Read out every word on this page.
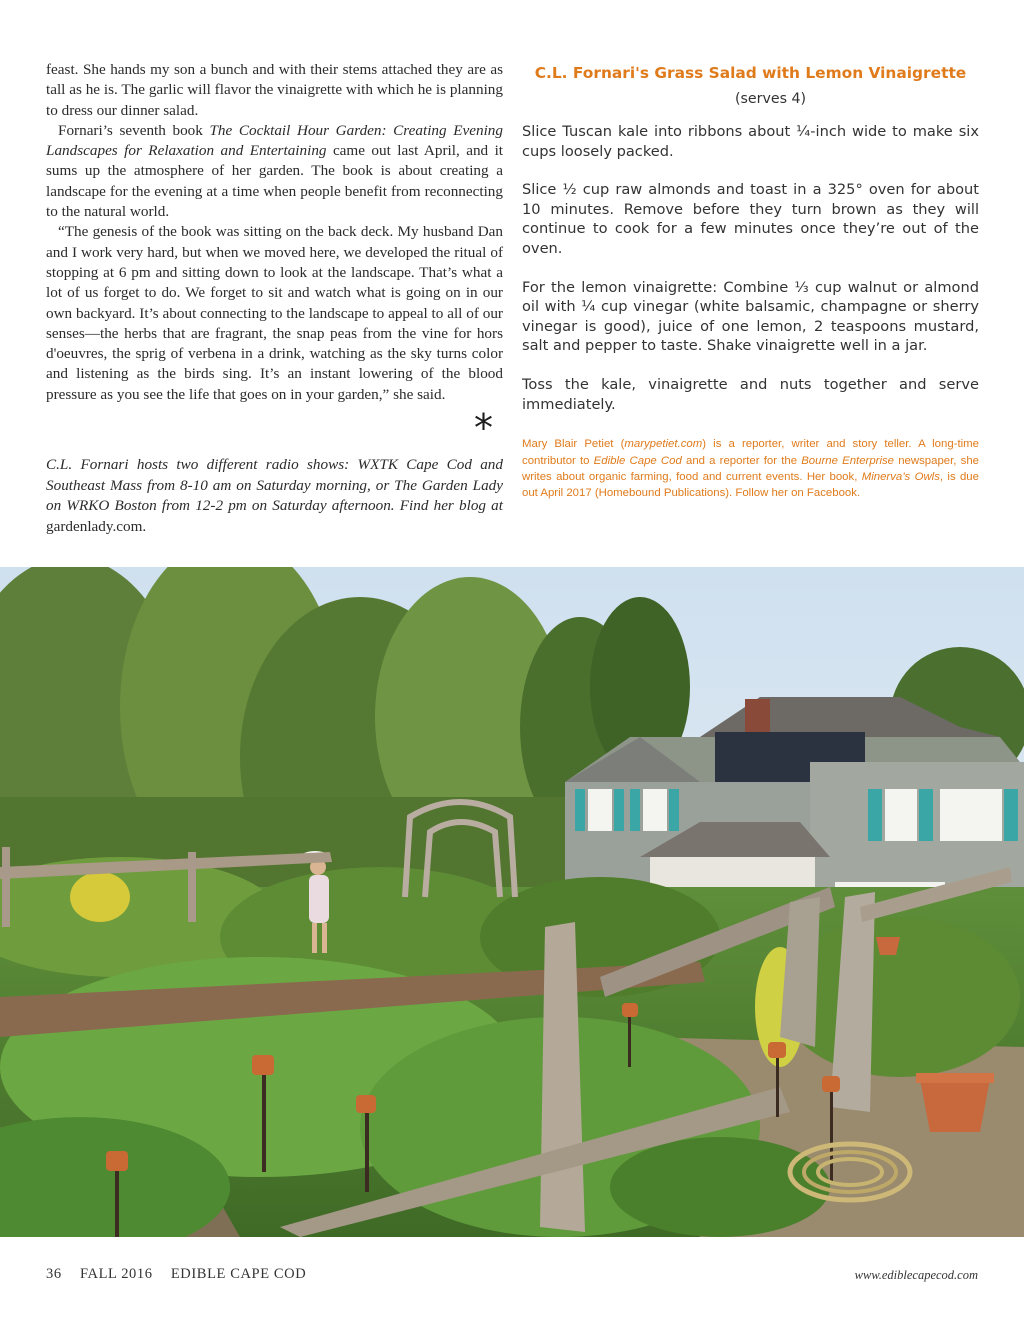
feast. She hands my son a bunch and with their stems attached they are as tall as he is. The garlic will flavor the vinaigrette with which he is planning to dress our dinner salad.

Fornari’s seventh book The Cocktail Hour Garden: Creating Evening Landscapes for Relaxation and Entertaining came out last April, and it sums up the atmosphere of her garden. The book is about creating a landscape for the evening at a time when people benefit from reconnecting to the natural world.

“The genesis of the book was sitting on the back deck. My husband Dan and I work very hard, but when we moved here, we developed the ritual of stopping at 6 pm and sitting down to look at the landscape. That’s what a lot of us forget to do. We forget to sit and watch what is going on in our own backyard. It’s about connecting to the landscape to appeal to all of our senses—the herbs that are fragrant, the snap peas from the vine for hors d'oeuvres, the sprig of verbena in a drink, watching as the sky turns color and listening as the birds sing. It’s an instant lowering of the blood pressure as you see the life that goes on in your garden,” she said.

*

C.L. Fornari hosts two different radio shows: WXTK Cape Cod and Southeast Mass from 8-10 am on Saturday morning, or The Garden Lady on WRKO Boston from 12-2 pm on Saturday afternoon. Find her blog at gardenlady.com.

C.L. Fornari's Grass Salad with Lemon Vinaigrette
(serves 4)

Slice Tuscan kale into ribbons about ¼-inch wide to make six cups loosely packed.

Slice ½ cup raw almonds and toast in a 325° oven for about 10 minutes. Remove before they turn brown as they will continue to cook for a few minutes once they’re out of the oven.

For the lemon vinaigrette: Combine ⅓ cup walnut or almond oil with ¼ cup vinegar (white balsamic, champagne or sherry vinegar is good), juice of one lemon, 2 teaspoons mustard, salt and pepper to taste. Shake vinaigrette well in a jar.

Toss the kale, vinaigrette and nuts together and serve immediately.

Mary Blair Petiet (marypetiet.com) is a reporter, writer and story teller. A long-time contributor to Edible Cape Cod and a reporter for the Bourne Enterprise newspaper, she writes about organic farming, food and current events. Her book, Minerva’s Owls, is due out April 2017 (Homebound Publications). Follow her on Facebook.

36 FALL 2016 EDIBLE CAPE COD	www.ediblecapecod.com
